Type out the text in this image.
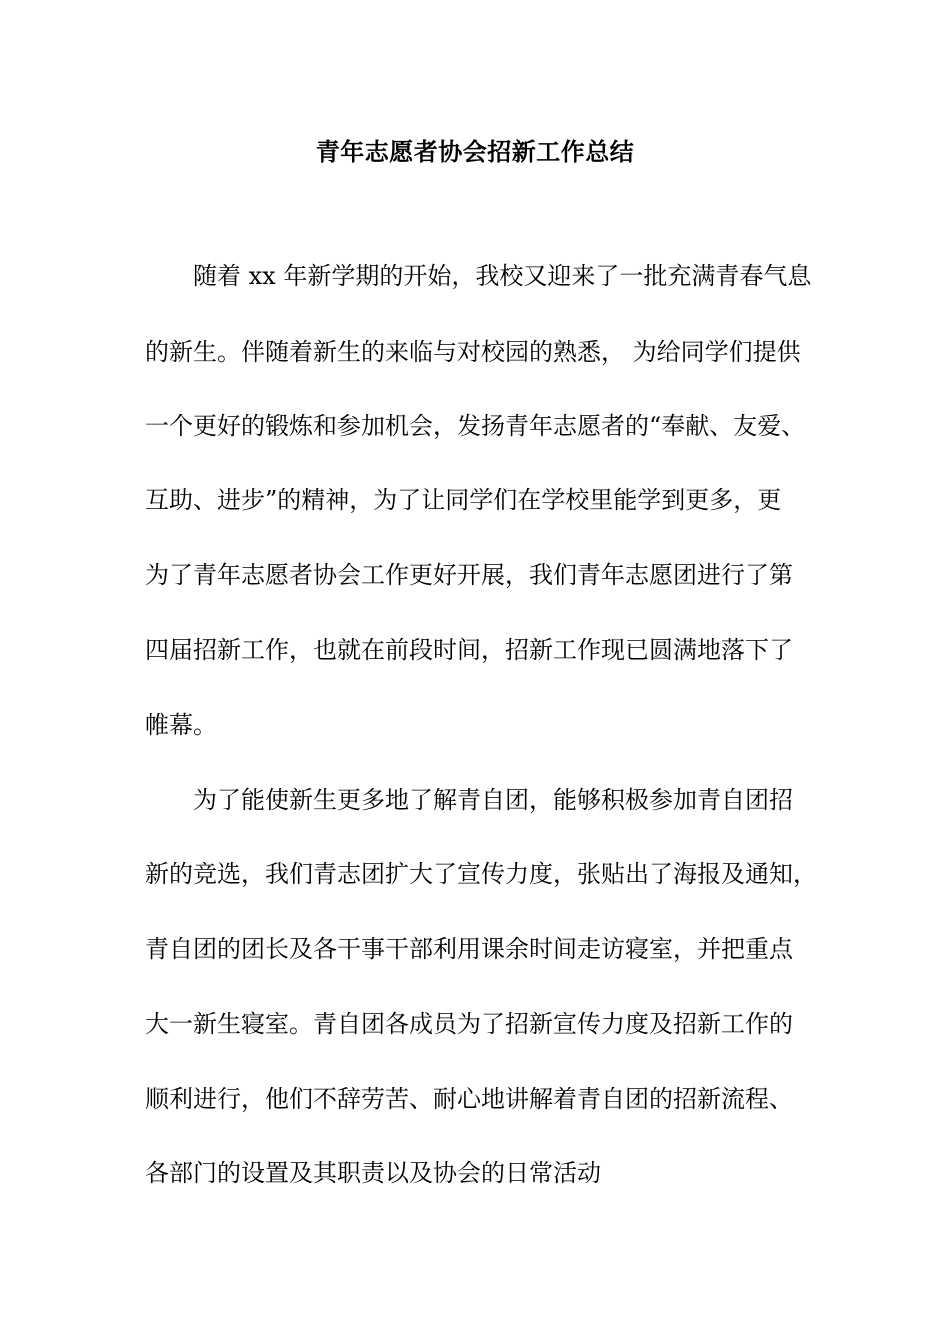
青年志愿者协会招新工作总结
随着 xx 年新学期的开始，我校又迎来了一批充满青春气息
的新生。伴随着新生的来临与对校园的熟悉， 为给同学们提供
一个更好的锻炼和参加机会，发扬青年志愿者的“奉献、友爱、
互助、进步”的精神，为了让同学们在学校里能学到更多，更
为了青年志愿者协会工作更好开展，我们青年志愿团进行了第
四届招新工作，也就在前段时间，招新工作现已圆满地落下了
帷幕。
为了能使新生更多地了解青自团，能够积极参加青自团招
新的竞选，我们青志团扩大了宣传力度，张贴出了海报及通知，
青自团的团长及各干事干部利用课余时间走访寝室，并把重点
大一新生寝室。青自团各成员为了招新宣传力度及招新工作的
顺利进行，他们不辞劳苦、耐心地讲解着青自团的招新流程、
各部门的设置及其职责以及协会的日常活动
